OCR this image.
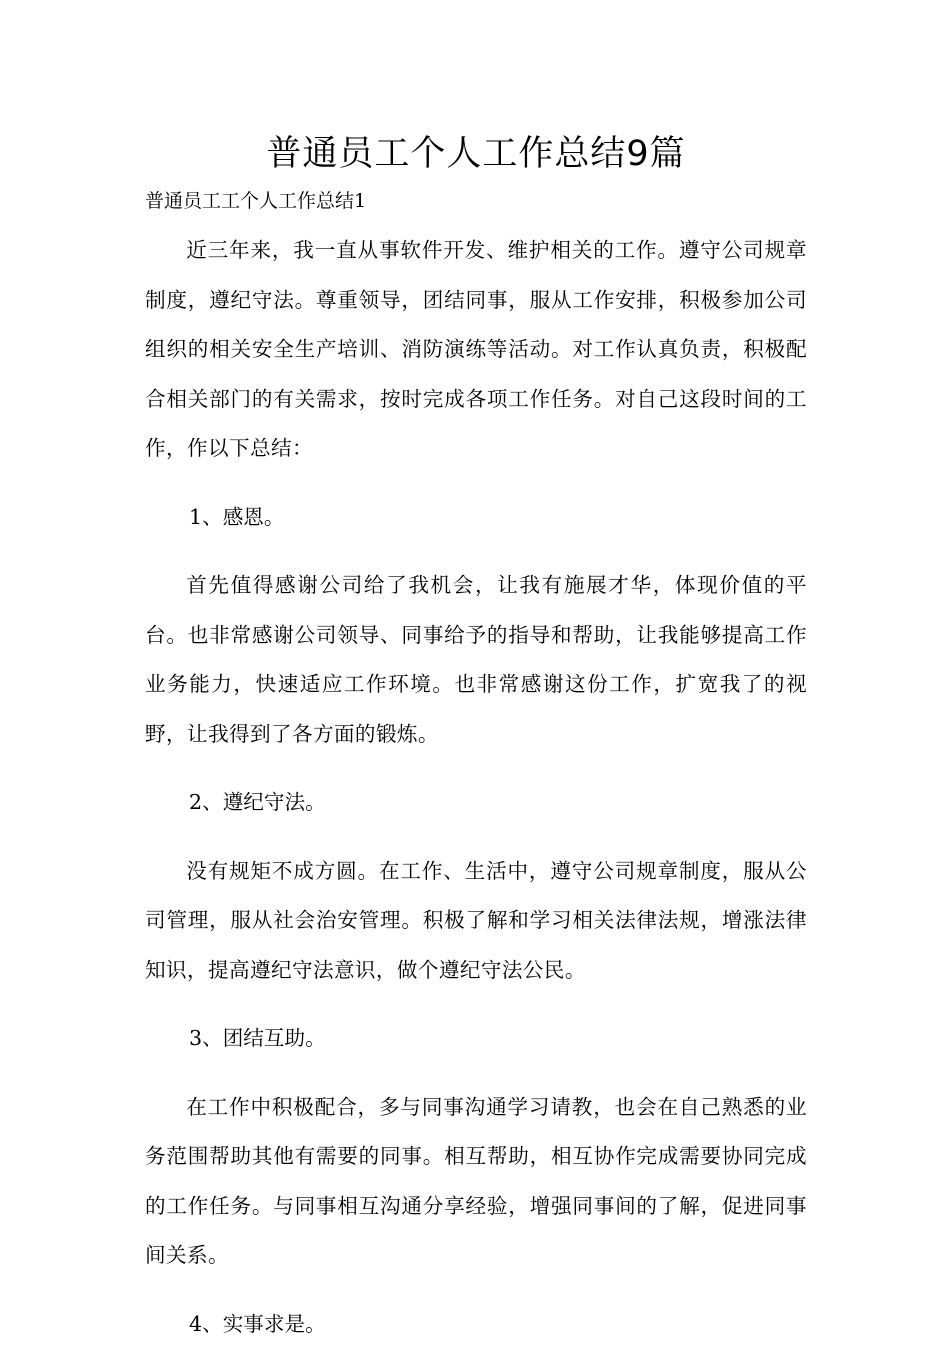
普通员工个人工作总结9篇

普通员工工个人工作总结1

近三年来，我一直从事软件开发、维护相关的工作。遵守公司规章制度，遵纪守法。尊重领导，团结同事，服从工作安排，积极参加公司组织的相关安全生产培训、消防演练等活动。对工作认真负责，积极配合相关部门的有关需求，按时完成各项工作任务。对自己这段时间的工作，作以下总结：

1、感恩。

首先值得感谢公司给了我机会，让我有施展才华，体现价值的平台。也非常感谢公司领导、同事给予的指导和帮助，让我能够提高工作业务能力，快速适应工作环境。也非常感谢这份工作，扩宽我了的视野，让我得到了各方面的锻炼。

2、遵纪守法。

没有规矩不成方圆。在工作、生活中，遵守公司规章制度，服从公司管理，服从社会治安管理。积极了解和学习相关法律法规，增涨法律知识，提高遵纪守法意识，做个遵纪守法公民。

3、团结互助。

在工作中积极配合，多与同事沟通学习请教，也会在自己熟悉的业务范围帮助其他有需要的同事。相互帮助，相互协作完成需要协同完成的工作任务。与同事相互沟通分享经验，增强同事间的了解，促进同事间关系。

4、实事求是。
